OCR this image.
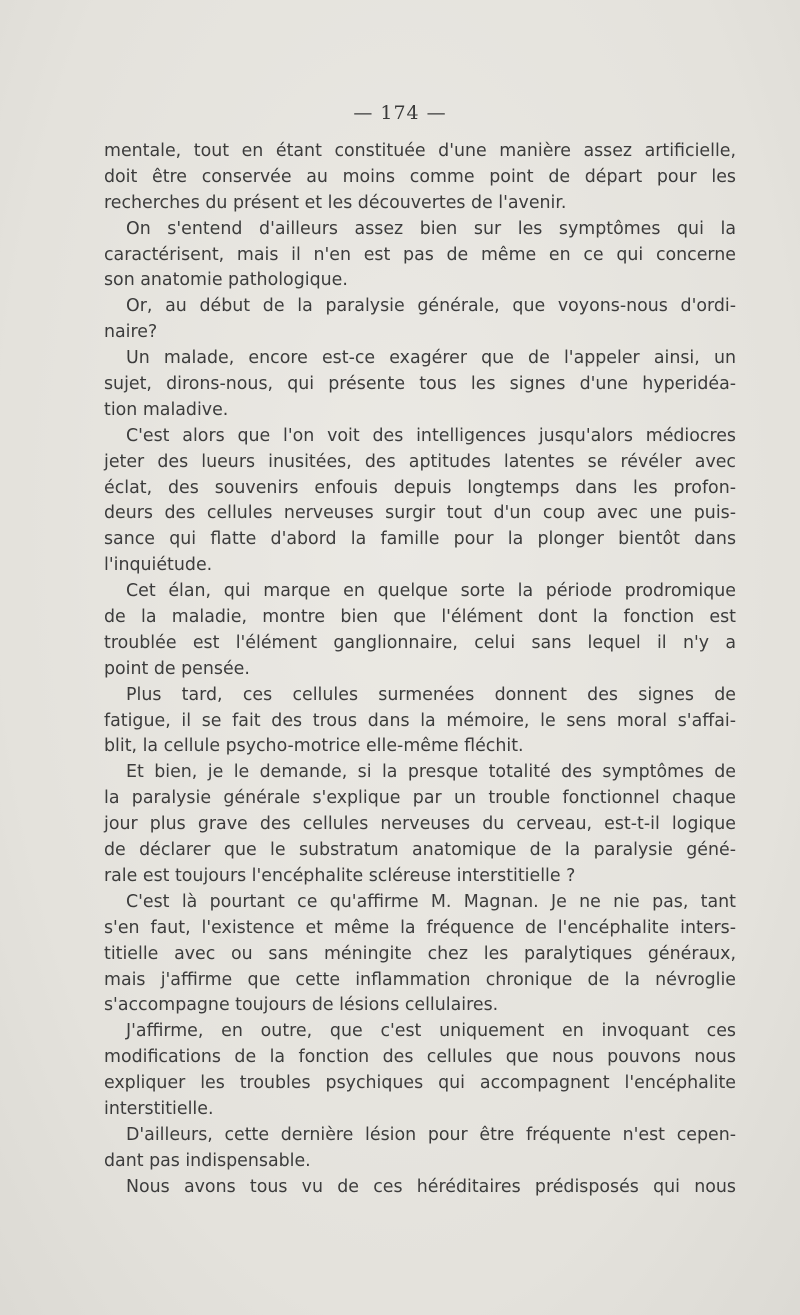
— 174 —
mentale, tout en étant constituée d'une manière assez artificielle,
doit être conservée au moins comme point de départ pour les
recherches du présent et les découvertes de l'avenir.
On s'entend d'ailleurs assez bien sur les symptômes qui la
caractérisent, mais il n'en est pas de même en ce qui concerne
son anatomie pathologique.
Or, au début de la paralysie générale, que voyons-nous d'ordi-
naire?
Un malade, encore est-ce exagérer que de l'appeler ainsi, un
sujet, dirons-nous, qui présente tous les signes d'une hyperidéa-
tion maladive.
C'est alors que l'on voit des intelligences jusqu'alors médiocres
jeter des lueurs inusitées, des aptitudes latentes se révéler avec
éclat, des souvenirs enfouis depuis longtemps dans les profon-
deurs des cellules nerveuses surgir tout d'un coup avec une puis-
sance qui flatte d'abord la famille pour la plonger bientôt dans
l'inquiétude.
Cet élan, qui marque en quelque sorte la période prodromique
de la maladie, montre bien que l'élément dont la fonction est
troublée est l'élément ganglionnaire, celui sans lequel il n'y a
point de pensée.
Plus tard, ces cellules surmenées donnent des signes de
fatigue, il se fait des trous dans la mémoire, le sens moral s'affai-
blit, la cellule psycho-motrice elle-même fléchit.
Et bien, je le demande, si la presque totalité des symptômes de
la paralysie générale s'explique par un trouble fonctionnel chaque
jour plus grave des cellules nerveuses du cerveau, est-t-il logique
de déclarer que le substratum anatomique de la paralysie géné-
rale est toujours l'encéphalite scléreuse interstitielle ?
C'est là pourtant ce qu'affirme M. Magnan. Je ne nie pas, tant
s'en faut, l'existence et même la fréquence de l'encéphalite inters-
titielle avec ou sans méningite chez les paralytiques généraux,
mais j'affirme que cette inflammation chronique de la névroglie
s'accompagne toujours de lésions cellulaires.
J'affirme, en outre, que c'est uniquement en invoquant ces
modifications de la fonction des cellules que nous pouvons nous
expliquer les troubles psychiques qui accompagnent l'encéphalite
interstitielle.
D'ailleurs, cette dernière lésion pour être fréquente n'est cepen-
dant pas indispensable.
Nous avons tous vu de ces héréditaires prédisposés qui nous
